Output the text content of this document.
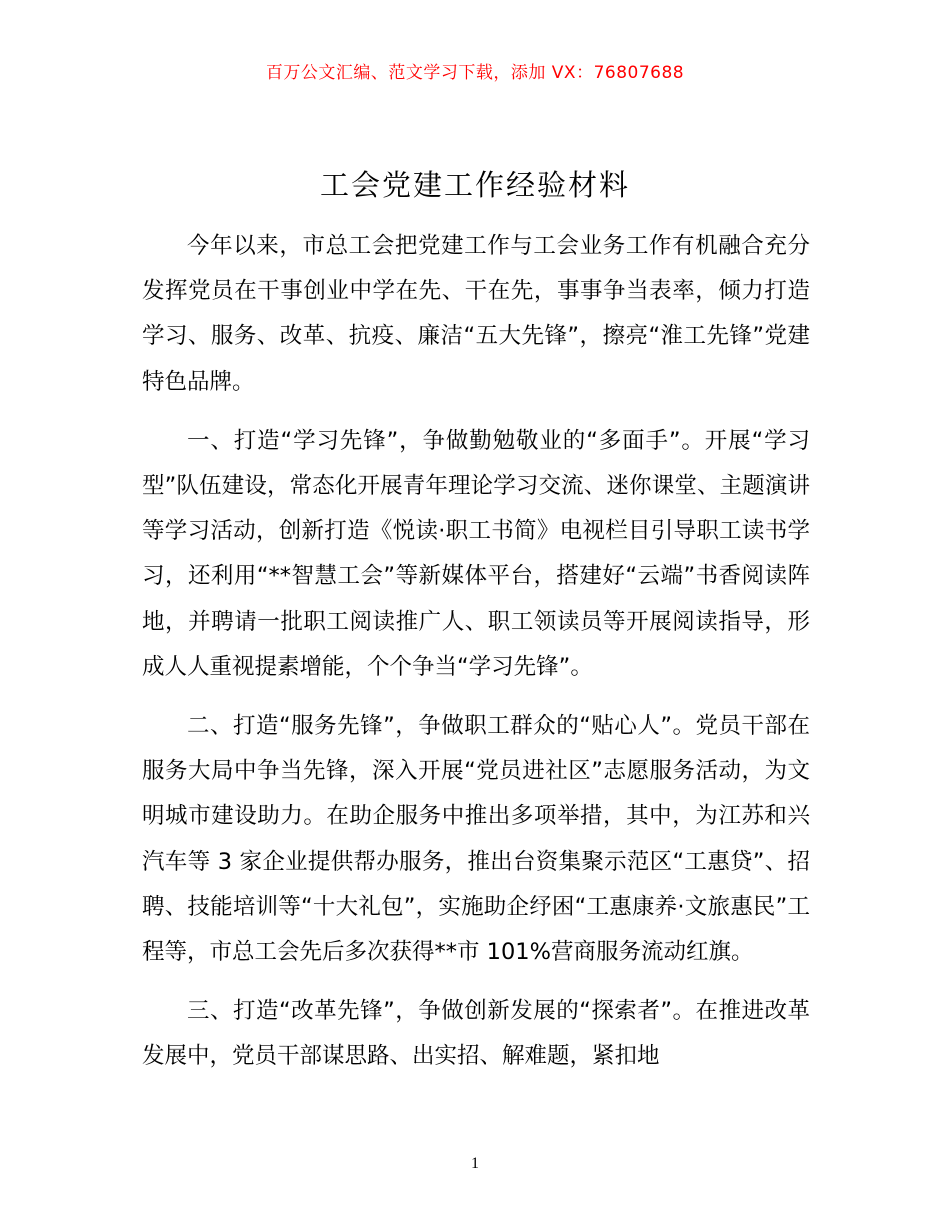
百万公文汇编、范文学习下载，添加 VX：76807688
工会党建工作经验材料

今年以来，市总工会把党建工作与工会业务工作有机融合充分发挥党员在干事创业中学在先、干在先，事事争当表率，倾力打造学习、服务、改革、抗疫、廉洁“五大先锋”，擦亮“淮工先锋”党建特色品牌。

一、打造“学习先锋”，争做勤勉敬业的“多面手”。开展“学习型”队伍建设，常态化开展青年理论学习交流、迷你课堂、主题演讲等学习活动，创新打造《悦读·职工书简》电视栏目引导职工读书学习，还利用“**智慧工会”等新媒体平台，搭建好“云端”书香阅读阵地，并聘请一批职工阅读推广人、职工领读员等开展阅读指导，形成人人重视提素增能，个个争当“学习先锋”。

二、打造“服务先锋”，争做职工群众的“贴心人”。党员干部在服务大局中争当先锋，深入开展“党员进社区”志愿服务活动，为文明城市建设助力。在助企服务中推出多项举措，其中，为江苏和兴汽车等 3 家企业提供帮办服务，推出台资集聚示范区“工惠贷”、招聘、技能培训等“十大礼包”，实施助企纾困“工惠康养·文旅惠民”工程等，市总工会先后多次获得**市 101%营商服务流动红旗。

三、打造“改革先锋”，争做创新发展的“探索者”。在推进改革发展中，党员干部谋思路、出实招、解难题，紧扣地

1
